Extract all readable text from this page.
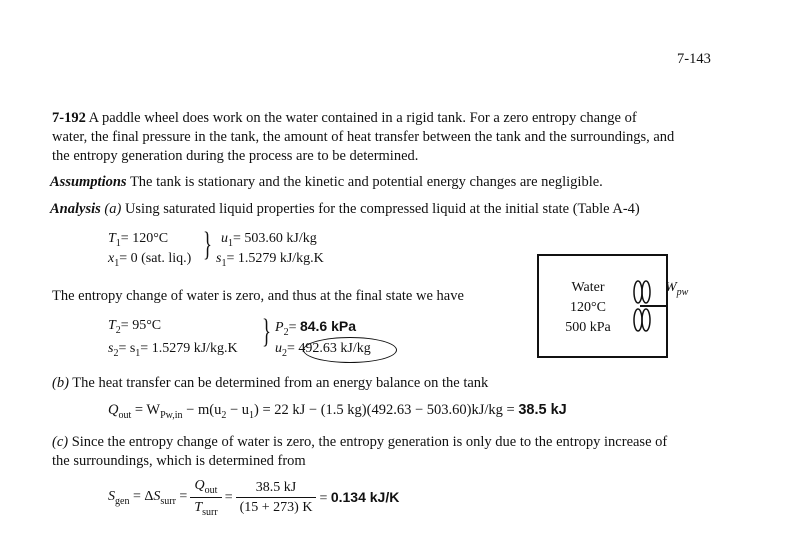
7-143
7-192 A paddle wheel does work on the water contained in a rigid tank. For a zero entropy change of
water, the final pressure in the tank, the amount of heat transfer between the tank and the surroundings, and
the entropy generation during the process are to be determined.
Assumptions The tank is stationary and the kinetic and potential energy changes are negligible.
Analysis (a) Using saturated liquid properties for the compressed liquid at the initial state (Table A-4)
$T_1= 120^\circ C$
$x_1= 0$ (sat. liq.) } $u_1= 503.60$ kJ/kg
$s_1= 1.5279$ kJ/kg.K
The entropy change of water is zero, and thus at the final state we have
$T_2= 95^\circ C$
$s_2= s_1= 1.5279$ kJ/kg.K } $P_2= 84.6$ kPa
$u_2= 492.63$ kJ/kg
Water
120°C
500 kPa
$W_{pw}$
(b) The heat transfer can be determined from an energy balance on the tank
$Q_{out} = W_{Pw,in} - m(u_2 - u_1) = 22$ kJ − (1.5 kg)(492.63 − 503.60)kJ/kg = 38.5 kJ
(c) Since the entropy change of water is zero, the entropy generation is only due to the entropy increase of
the surroundings, which is determined from
$S_{gen} = \Delta S_{surr} = \frac{Q_{out}}{T_{surr}} = \frac{38.5 kJ}{(15 + 273) K} = 0.134$ kJ/K
